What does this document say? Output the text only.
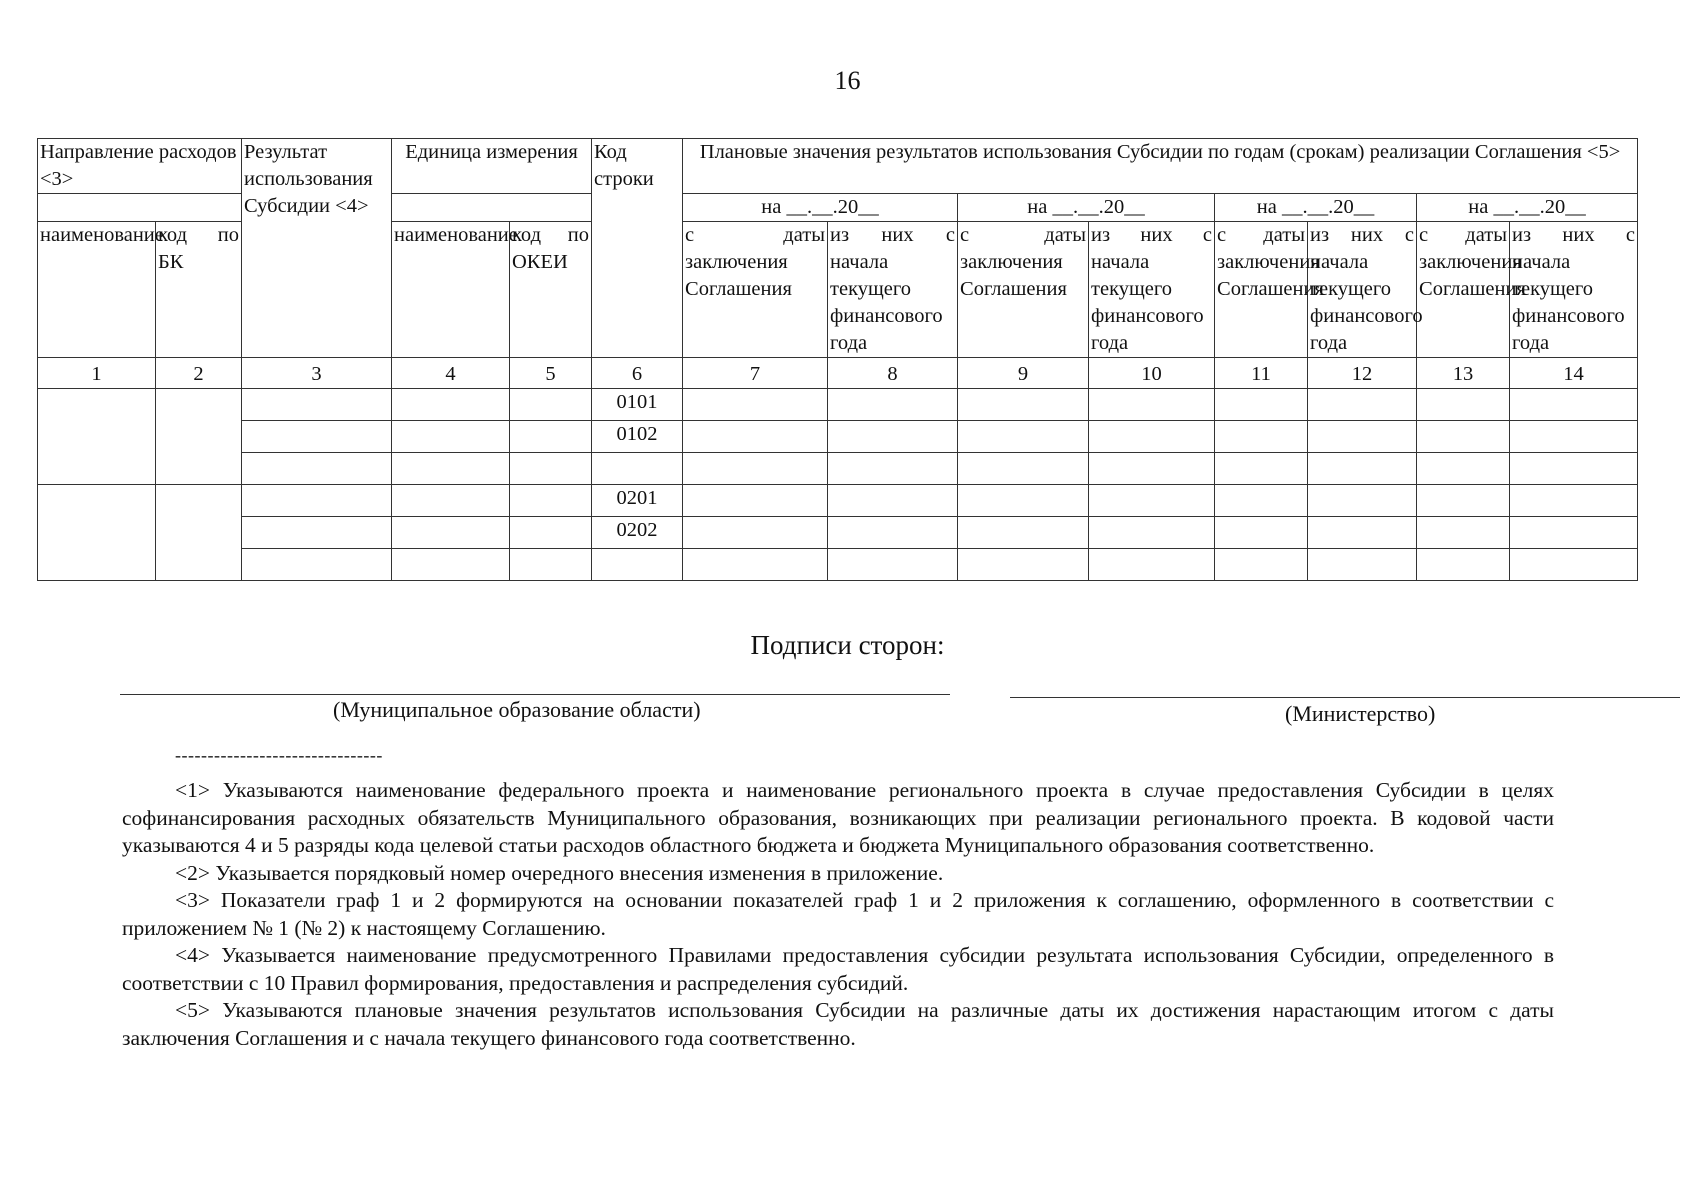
16
Направление расходов <3>		Результат использования Субсидии <4>	Единица измерения		Код строки	Плановые значения результатов использования Субсидии по годам (срокам) реализации Соглашения <5>							
						на __.__.20__		на __.__.20__		на __.__.20__		на __.__.20__	
наименование	код по БК		наименование	код по ОКЕИ		с даты заключения Соглашения	из них с начала текущего финансового года	с даты заключения Соглашения	из них с начала текущего финансового года	с даты заключения Соглашения	из них с начала текущего финансового года	с даты заключения Соглашения	из них с начала текущего финансового года
1	2	3	4	5	6	7	8	9	10	11	12	13	14
					0101								
					0102								

					0201								
					0202								

Подписи сторон:
(Муниципальное образование области)	(Министерство)
--------------------------------

<1> Указываются наименование федерального проекта и наименование регионального проекта в случае предоставления Субсидии в целях софинансирования расходных обязательств Муниципального образования, возникающих при реализации регионального проекта. В кодовой части указываются 4 и 5 разряды кода целевой статьи расходов областного бюджета и бюджета Муниципального образования соответственно.

<2> Указывается порядковый номер очередного внесения изменения в приложение.

<3> Показатели граф 1 и 2 формируются на основании показателей граф 1 и 2 приложения к соглашению, оформленного в соответствии с приложением № 1 (№ 2) к настоящему Соглашению.

<4> Указывается наименование предусмотренного Правилами предоставления субсидии результата использования Субсидии, определенного в соответствии с 10 Правил формирования, предоставления и распределения субсидий.

<5> Указываются плановые значения результатов использования Субсидии на различные даты их достижения нарастающим итогом с даты заключения Соглашения и с начала текущего финансового года соответственно.
